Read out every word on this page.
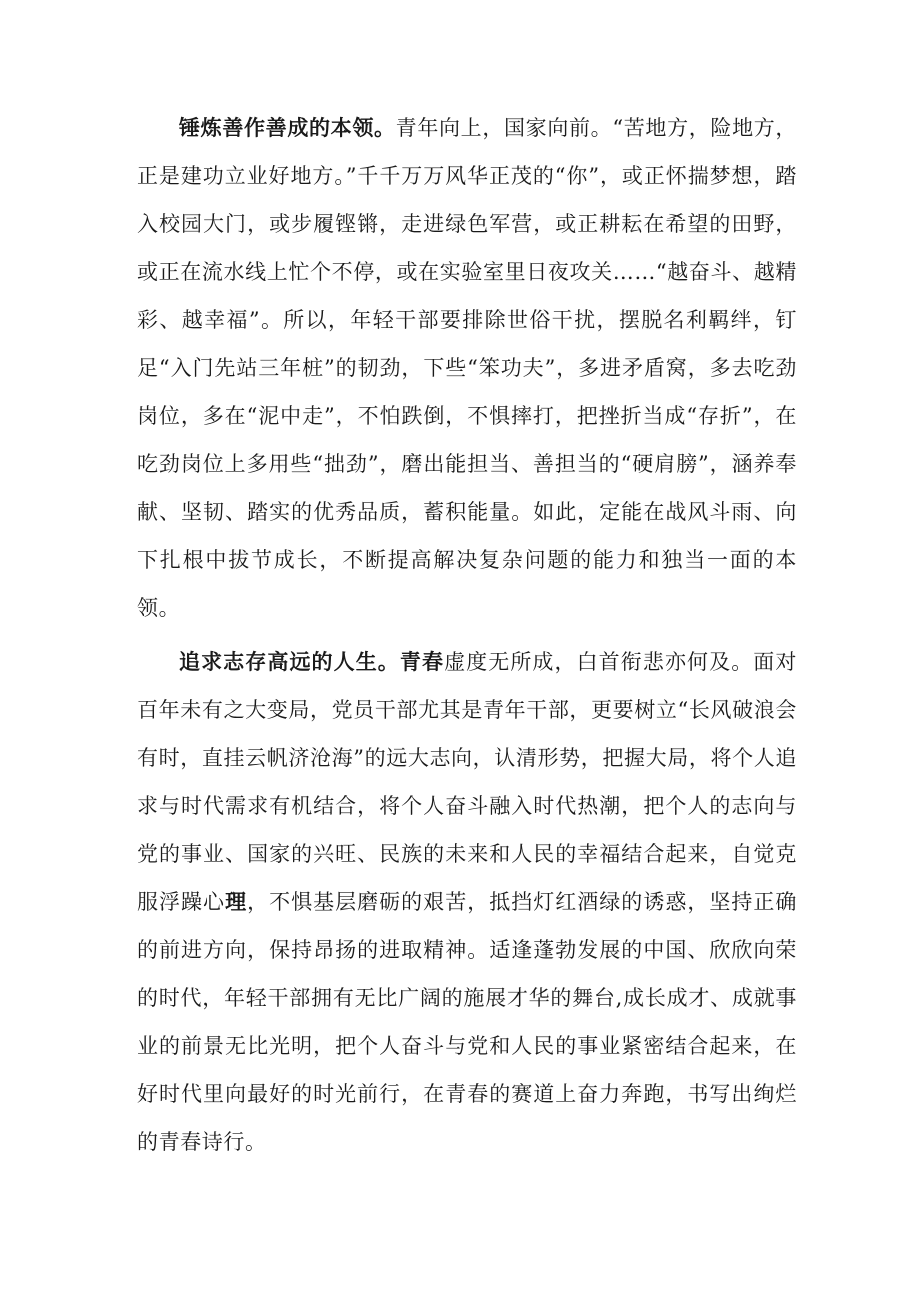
锤炼善作善成的本领。青年向上，国家向前。“苦地方，险地方，正是建功立业好地方。”千千万万风华正茂的“你”，或正怀揣梦想，踏入校园大门，或步履铿锵，走进绿色军营，或正耕耘在希望的田野，或正在流水线上忙个不停，或在实验室里日夜攻关……“越奋斗、越精彩、越幸福”。所以，年轻干部要排除世俗干扰，摆脱名利羁绊，钉足“入门先站三年桩”的韧劲，下些“笨功夫”，多进矛盾窝，多去吃劲岗位，多在“泥中走”，不怕跌倒，不惧摔打，把挫折当成“存折”，在吃劲岗位上多用些“拙劲”，磨出能担当、善担当的“硬肩膀”，涵养奉献、坚韧、踏实的优秀品质，蓄积能量。如此，定能在战风斗雨、向下扎根中拔节成长，不断提高解决复杂问题的能力和独当一面的本领。

追求志存高远的人生。青春虚度无所成，白首衔悲亦何及。面对百年未有之大变局，党员干部尤其是青年干部，更要树立“长风破浪会有时，直挂云帆济沧海”的远大志向，认清形势，把握大局，将个人追求与时代需求有机结合，将个人奋斗融入时代热潮，把个人的志向与党的事业、国家的兴旺、民族的未来和人民的幸福结合起来，自觉克服浮躁心理，不惧基层磨砺的艰苦，抵挡灯红酒绿的诱惑，坚持正确的前进方向，保持昂扬的进取精神。适逢蓬勃发展的中国、欣欣向荣的时代，年轻干部拥有无比广阔的施展才华的舞台,成长成才、成就事业的前景无比光明，把个人奋斗与党和人民的事业紧密结合起来，在好时代里向最好的时光前行，在青春的赛道上奋力奔跑，书写出绚烂的青春诗行。
